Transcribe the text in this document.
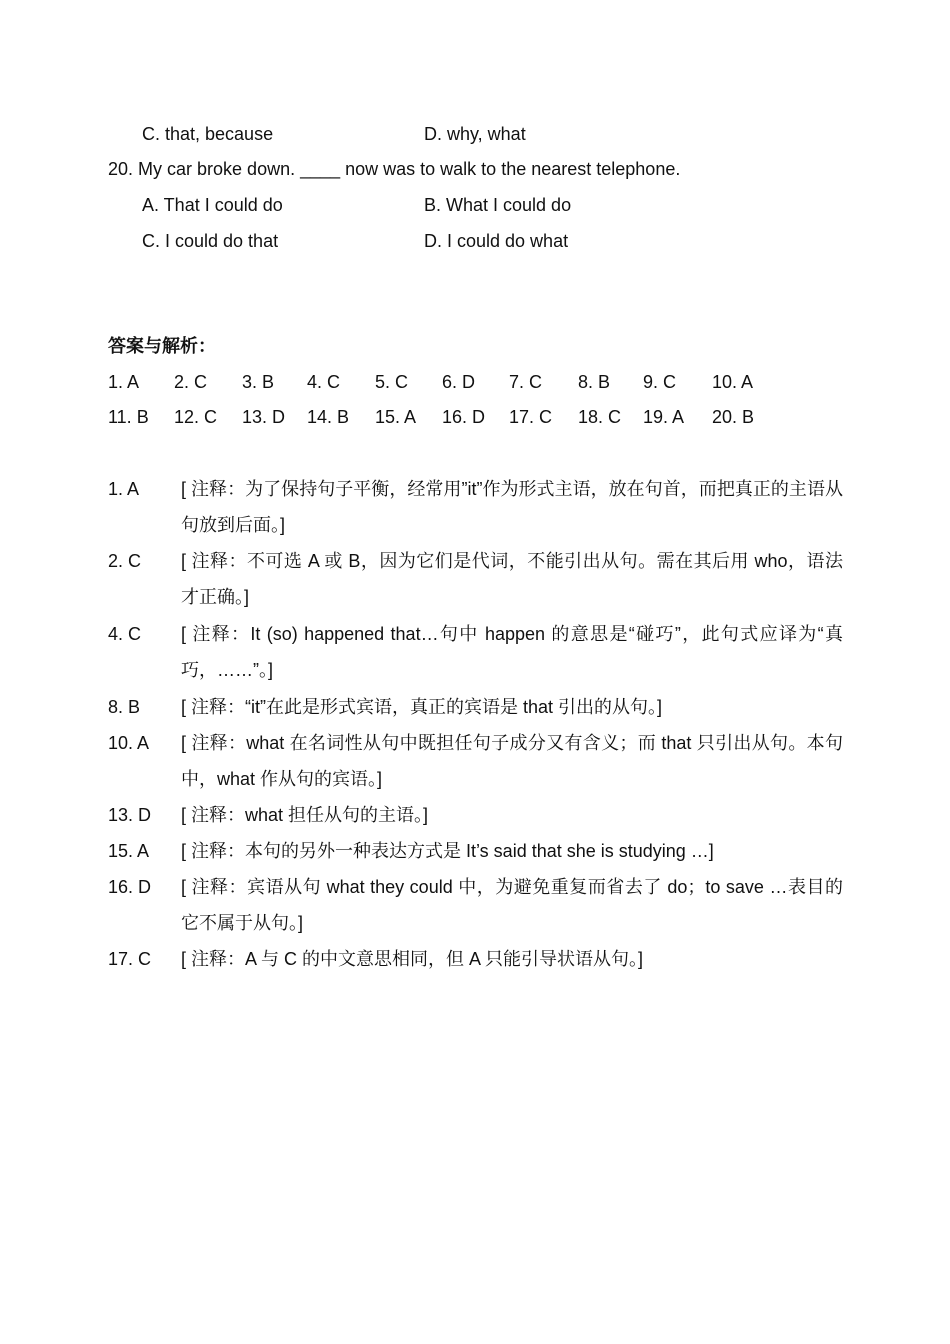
C. that, because	D. why, what
20. My car broke down. ____ now was to walk to the nearest telephone.
A. That I could do	B. What I could do
C. I could do that	D. I could do what
答案与解析：
1. A 2. C 3. B 4. C 5. C 6. D 7. C 8. B 9. C 10. A
11. B 12. C 13. D 14. B 15. A 16. D 17. C 18. C 19. A 20. B
1. A [ 注释：为了保持句子平衡，经常用”it”作为形式主语，放在句首，而把真正的主语从句放到后面。]
2. C [ 注释：不可选 A 或 B，因为它们是代词，不能引出从句。需在其后用 who，语法才正确。]
4. C [ 注释：It (so) happened that…句中 happen 的意思是“碰巧”，此句式应译为“真巧，……”。]
8. B [ 注释：“it”在此是形式宾语，真正的宾语是 that 引出的从句。]
10. A [ 注释：what 在名词性从句中既担任句子成分又有含义；而 that 只引出从句。本句中，what 作从句的宾语。]
13. D [ 注释：what 担任从句的主语。]
15. A [ 注释：本句的另外一种表达方式是 It’s said that she is studying …]
16. D [ 注释：宾语从句 what they could 中，为避免重复而省去了 do；to save …表目的它不属于从句。]
17. C [ 注释：A 与 C 的中文意思相同，但 A 只能引导状语从句。]
